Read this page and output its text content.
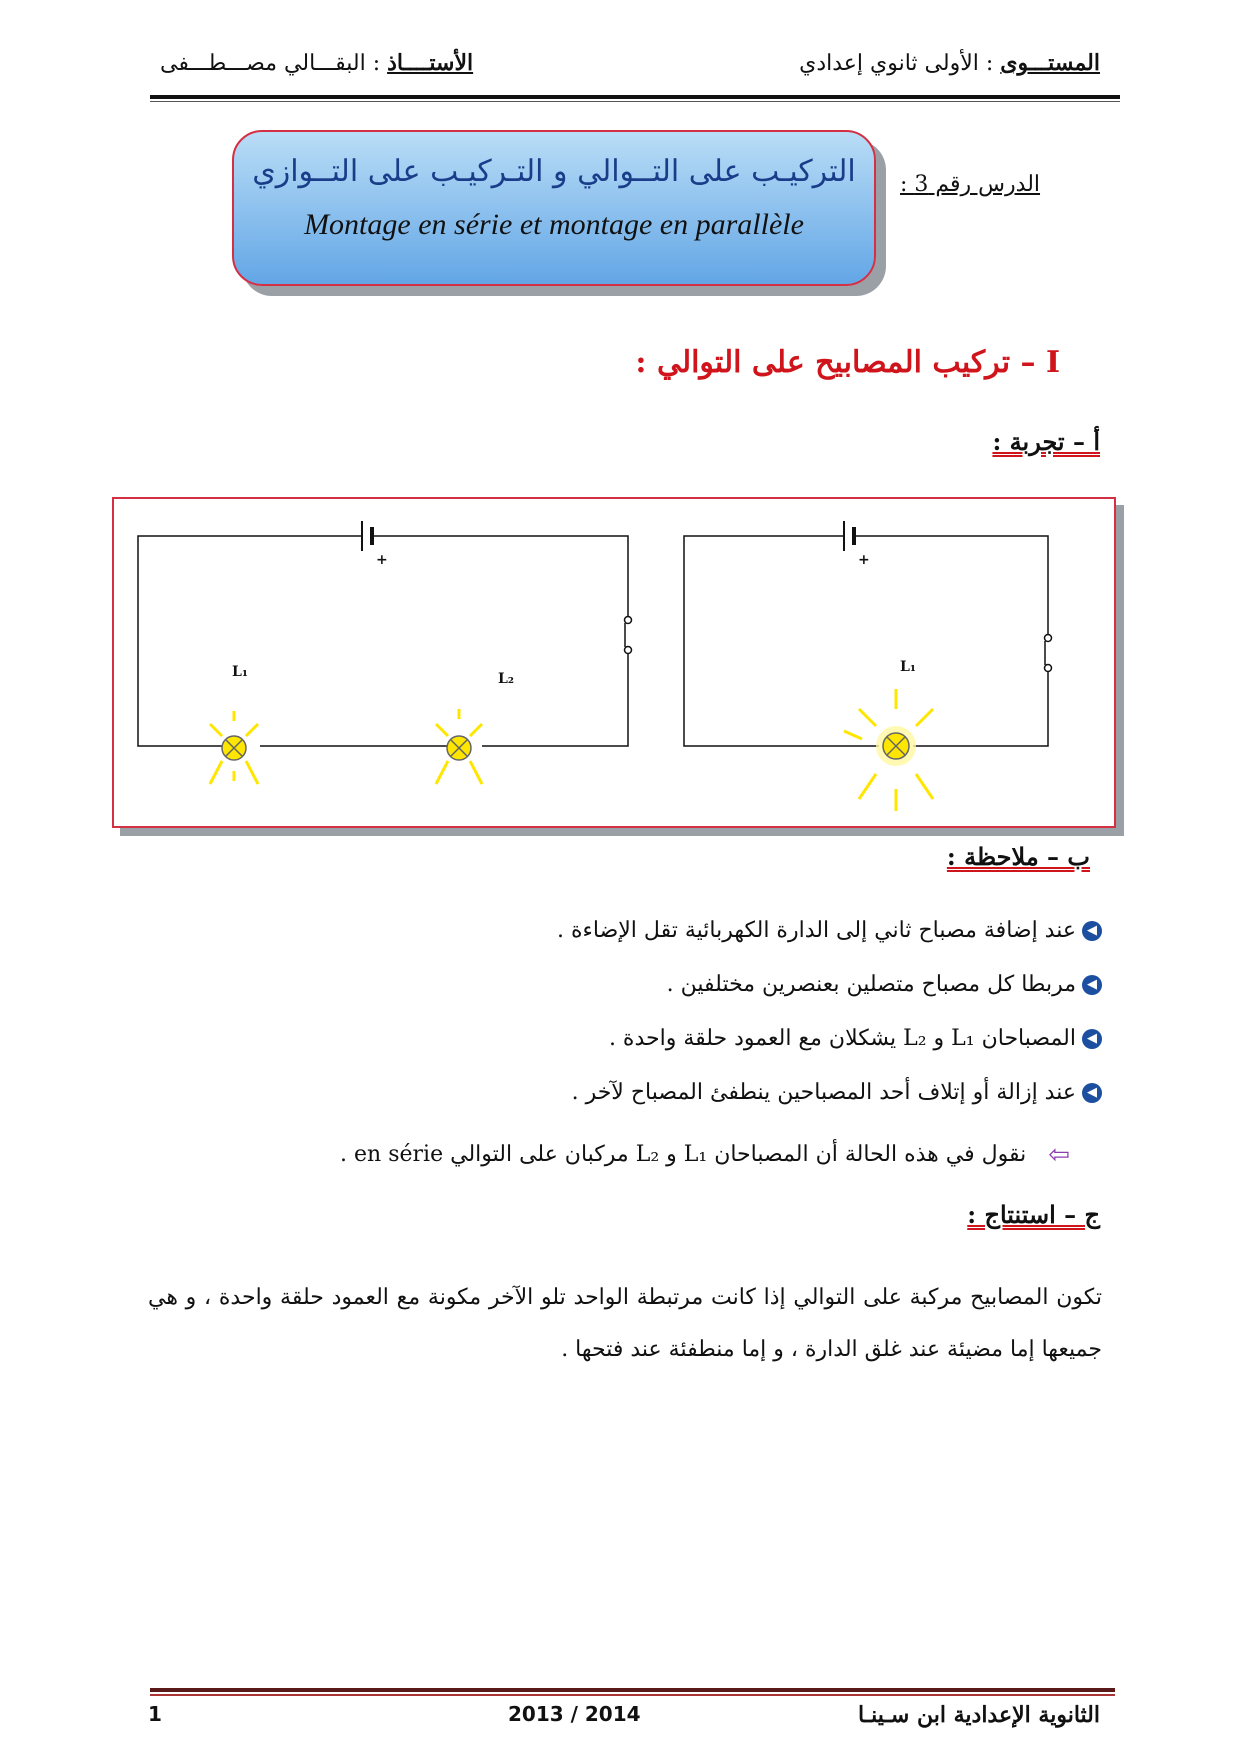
المستـــوى : الأولى ثانوي إعدادي
الأستــــاذ : البقـــالي مصـــطـــفى
التركيـب على التــوالي و التـركيـب على التــوازي
Montage en série et montage en parallèle
الدرس رقم 3 :
I – تركيب المصابيح على التوالي :
أ – تجربة :
+	+
L₁	L₂
L₁
ب – ملاحظة :
◀عند إضافة مصباح ثاني إلى الدارة الكهربائية تقل الإضاءة .
◀مربطا كل مصباح متصلين بعنصرين مختلفين .
◀المصباحان L₁ و L₂ يشكلان مع العمود حلقة واحدة .
◀عند إزالة أو إتلاف أحد المصباحين ينطفئ المصباح لآخر .
⇦نقول في هذه الحالة أن المصباحان L₁ و L₂ مركبان على التوالي en série .
ج – استنتاج :
تكون المصابيح مركبة على التوالي إذا كانت مرتبطة الواحد تلو الآخر مكونة مع العمود حلقة واحدة ، و هي جميعها إما مضيئة عند غلق الدارة ، و إما منطفئة عند فتحها .
1	2013 / 2014	الثانوية الإعدادية ابن سـينـا
